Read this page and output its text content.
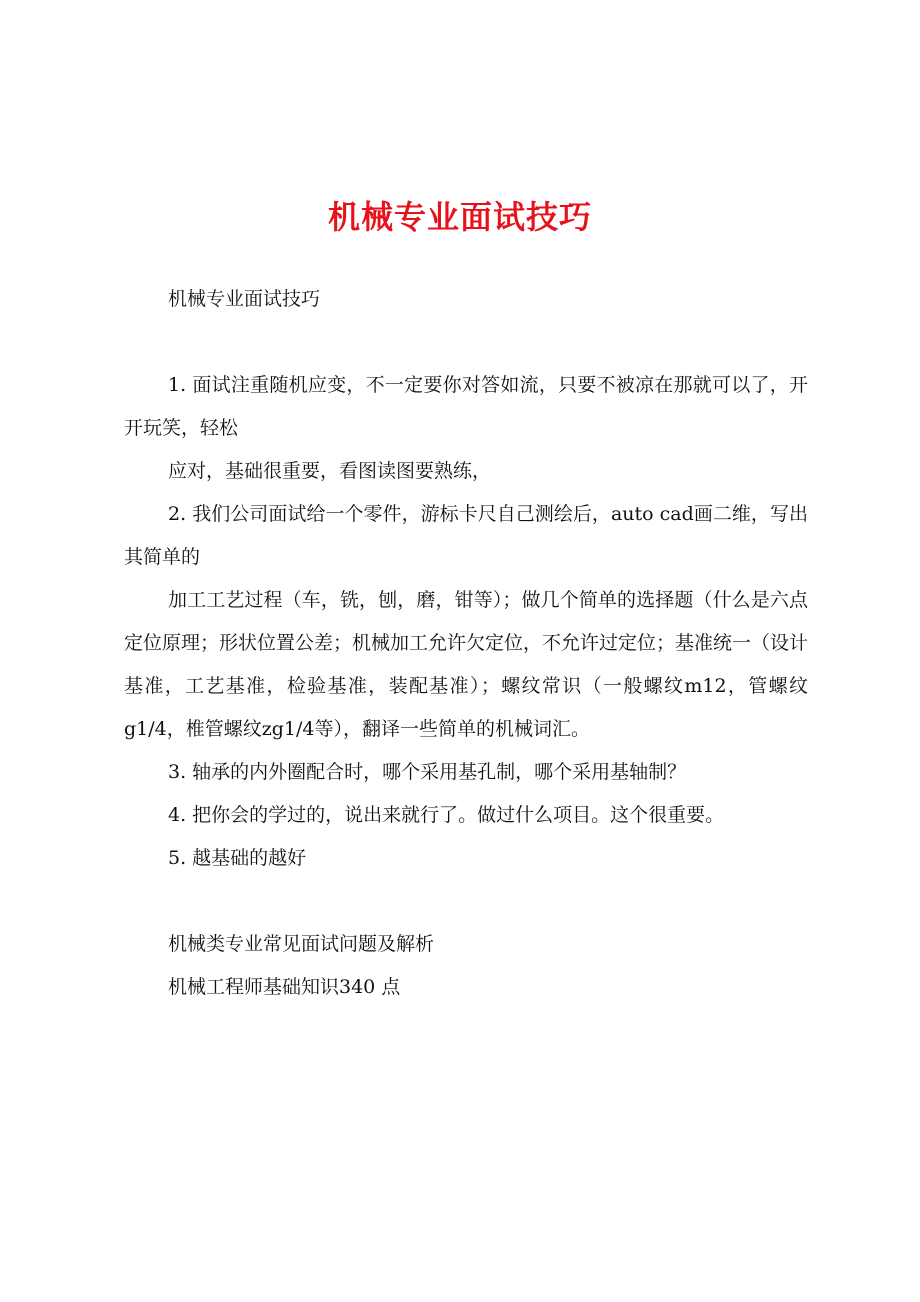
机械专业面试技巧

机械专业面试技巧

1. 面试注重随机应变，不一定要你对答如流，只要不被凉在那就可以了，开开玩笑，轻松

应对，基础很重要，看图读图要熟练，

2. 我们公司面试给一个零件，游标卡尺自己测绘后，auto cad画二维，写出其简单的

加工工艺过程（车，铣，刨，磨，钳等）；做几个简单的选择题（什么是六点定位原理；形状位置公差；机械加工允许欠定位，不允许过定位；基准统一（设计基准，工艺基准，检验基准，装配基准）；螺纹常识（一般螺纹m12，管螺纹g1/4，椎管螺纹zg1/4等），翻译一些简单的机械词汇。

3. 轴承的内外圈配合时，哪个采用基孔制，哪个采用基轴制？

4. 把你会的学过的，说出来就行了。做过什么项目。这个很重要。

5. 越基础的越好

机械类专业常见面试问题及解析

机械工程师基础知识340 点
